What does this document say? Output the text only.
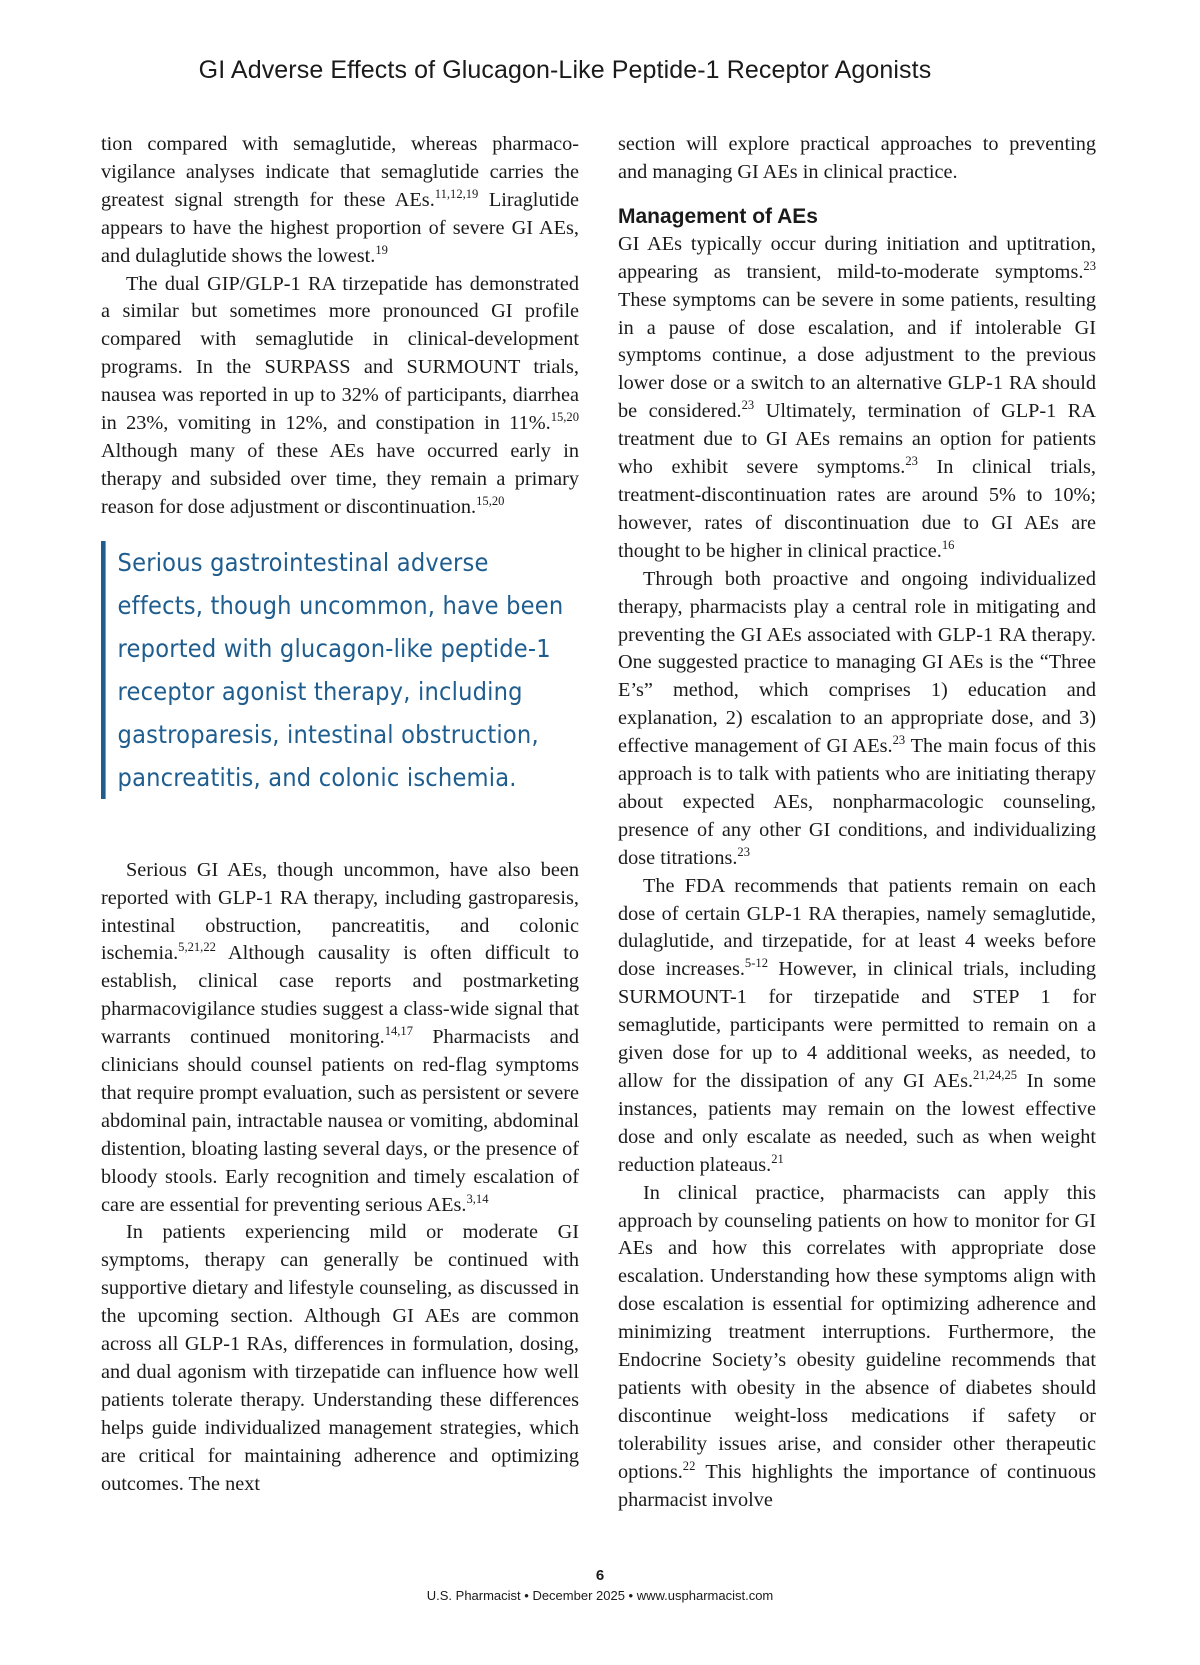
GI Adverse Effects of Glucagon-Like Peptide-1 Receptor Agonists

tion compared with semaglutide, whereas pharmacovigilance analyses indicate that semaglutide carries the greatest signal strength for these AEs.$^{11,12,19}$ Liraglutide appears to have the highest proportion of severe GI AEs, and dulaglutide shows the lowest.$^{19}$

The dual GIP/GLP-1 RA tirzepatide has demonstrated a similar but sometimes more pronounced GI profile compared with semaglutide in clinical-development programs. In the SURPASS and SURMOUNT trials, nausea was reported in up to 32% of participants, diarrhea in 23%, vomiting in 12%, and constipation in 11%.$^{15,20}$ Although many of these AEs have occurred early in therapy and subsided over time, they remain a primary reason for dose adjustment or discontinuation.$^{15,20}$

Serious gastrointestinal adverse effects, though uncommon, have been reported with glucagon-like peptide-1 receptor agonist therapy, including gastroparesis, intestinal obstruction, pancreatitis, and colonic ischemia.

Serious GI AEs, though uncommon, have also been reported with GLP-1 RA therapy, including gastroparesis, intestinal obstruction, pancreatitis, and colonic ischemia.$^{5,21,22}$ Although causality is often difficult to establish, clinical case reports and postmarketing pharmacovigilance studies suggest a class-wide signal that warrants continued monitoring.$^{14,17}$ Pharmacists and clinicians should counsel patients on red-flag symptoms that require prompt evaluation, such as persistent or severe abdominal pain, intractable nausea or vomiting, abdominal distention, bloating lasting several days, or the presence of bloody stools. Early recognition and timely escalation of care are essential for preventing serious AEs.$^{3,14}$

In patients experiencing mild or moderate GI symptoms, therapy can generally be continued with supportive dietary and lifestyle counseling, as discussed in the upcoming section. Although GI AEs are common across all GLP-1 RAs, differences in formulation, dosing, and dual agonism with tirzepatide can influence how well patients tolerate therapy. Understanding these differences helps guide individualized management strategies, which are critical for maintaining adherence and optimizing outcomes. The next

section will explore practical approaches to preventing and managing GI AEs in clinical practice.

Management of AEs

GI AEs typically occur during initiation and uptitration, appearing as transient, mild-to-moderate symptoms.$^{23}$ These symptoms can be severe in some patients, resulting in a pause of dose escalation, and if intolerable GI symptoms continue, a dose adjustment to the previous lower dose or a switch to an alternative GLP-1 RA should be considered.$^{23}$ Ultimately, termination of GLP-1 RA treatment due to GI AEs remains an option for patients who exhibit severe symptoms.$^{23}$ In clinical trials, treatment-discontinuation rates are around 5% to 10%; however, rates of discontinuation due to GI AEs are thought to be higher in clinical practice.$^{16}$

Through both proactive and ongoing individualized therapy, pharmacists play a central role in mitigating and preventing the GI AEs associated with GLP-1 RA therapy. One suggested practice to managing GI AEs is the “Three E’s” method, which comprises 1) education and explanation, 2) escalation to an appropriate dose, and 3) effective management of GI AEs.$^{23}$ The main focus of this approach is to talk with patients who are initiating therapy about expected AEs, nonpharmacologic counseling, presence of any other GI conditions, and individualizing dose titrations.$^{23}$

The FDA recommends that patients remain on each dose of certain GLP-1 RA therapies, namely semaglutide, dulaglutide, and tirzepatide, for at least 4 weeks before dose increases.$^{5-12}$ However, in clinical trials, including SURMOUNT-1 for tirzepatide and STEP 1 for semaglutide, participants were permitted to remain on a given dose for up to 4 additional weeks, as needed, to allow for the dissipation of any GI AEs.$^{21,24,25}$ In some instances, patients may remain on the lowest effective dose and only escalate as needed, such as when weight reduction plateaus.$^{21}$

In clinical practice, pharmacists can apply this approach by counseling patients on how to monitor for GI AEs and how this correlates with appropriate dose escalation. Understanding how these symptoms align with dose escalation is essential for optimizing adherence and minimizing treatment interruptions. Furthermore, the Endocrine Society’s obesity guideline recommends that patients with obesity in the absence of diabetes should discontinue weight-loss medications if safety or tolerability issues arise, and consider other therapeutic options.$^{22}$ This highlights the importance of continuous pharmacist involve

6
U.S. Pharmacist • December 2025 • www.uspharmacist.com
